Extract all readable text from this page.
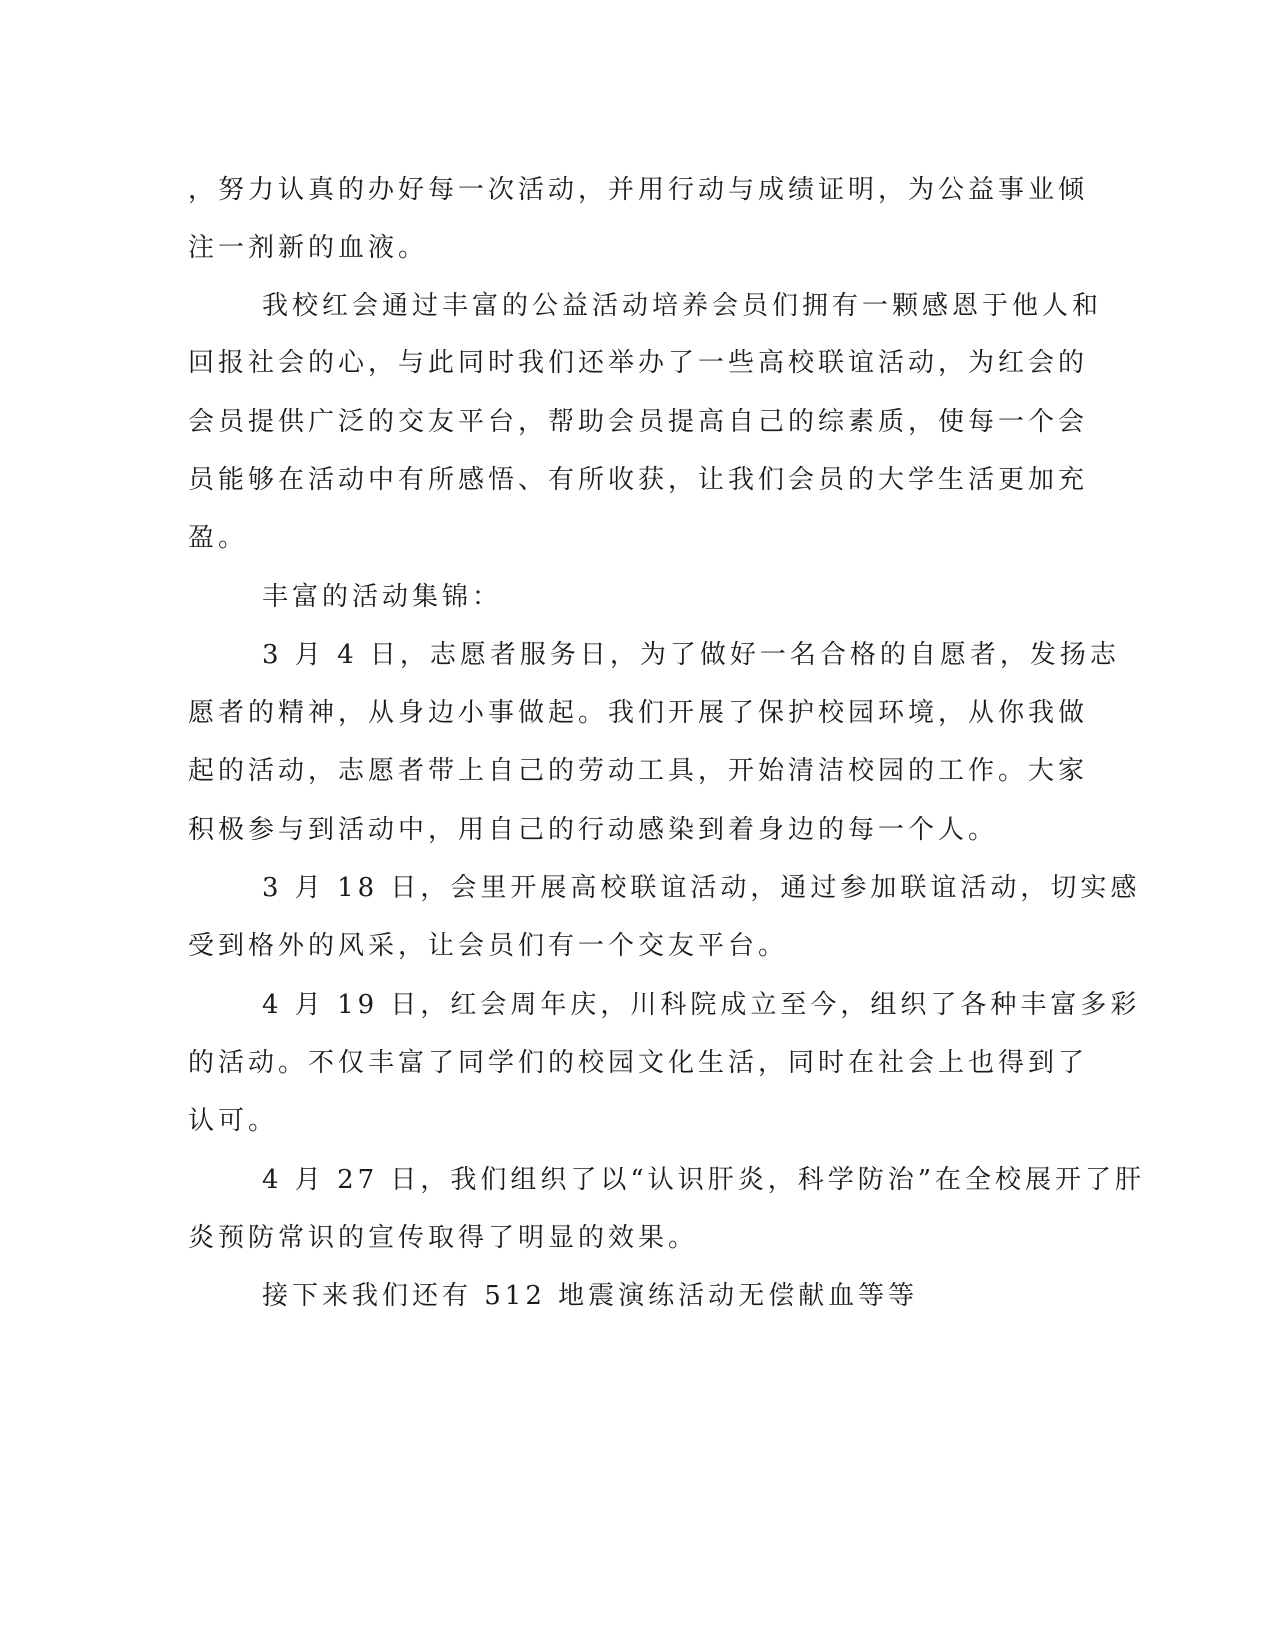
，努力认真的办好每一次活动，并用行动与成绩证明，为公益事业倾
注一剂新的血液。
我校红会通过丰富的公益活动培养会员们拥有一颗感恩于他人和
回报社会的心，与此同时我们还举办了一些高校联谊活动，为红会的
会员提供广泛的交友平台，帮助会员提高自己的综素质，使每一个会
员能够在活动中有所感悟、有所收获，让我们会员的大学生活更加充
盈。
丰富的活动集锦：
3 月 4 日，志愿者服务日，为了做好一名合格的自愿者，发扬志
愿者的精神，从身边小事做起。我们开展了保护校园环境，从你我做
起的活动，志愿者带上自己的劳动工具，开始清洁校园的工作。大家
积极参与到活动中，用自己的行动感染到着身边的每一个人。
3 月 18 日，会里开展高校联谊活动，通过参加联谊活动，切实感
受到格外的风采，让会员们有一个交友平台。
4 月 19 日，红会周年庆，川科院成立至今，组织了各种丰富多彩
的活动。不仅丰富了同学们的校园文化生活，同时在社会上也得到了
认可。
4 月 27 日，我们组织了以“认识肝炎，科学防治”在全校展开了肝
炎预防常识的宣传取得了明显的效果。
接下来我们还有 512 地震演练活动无偿献血等等
